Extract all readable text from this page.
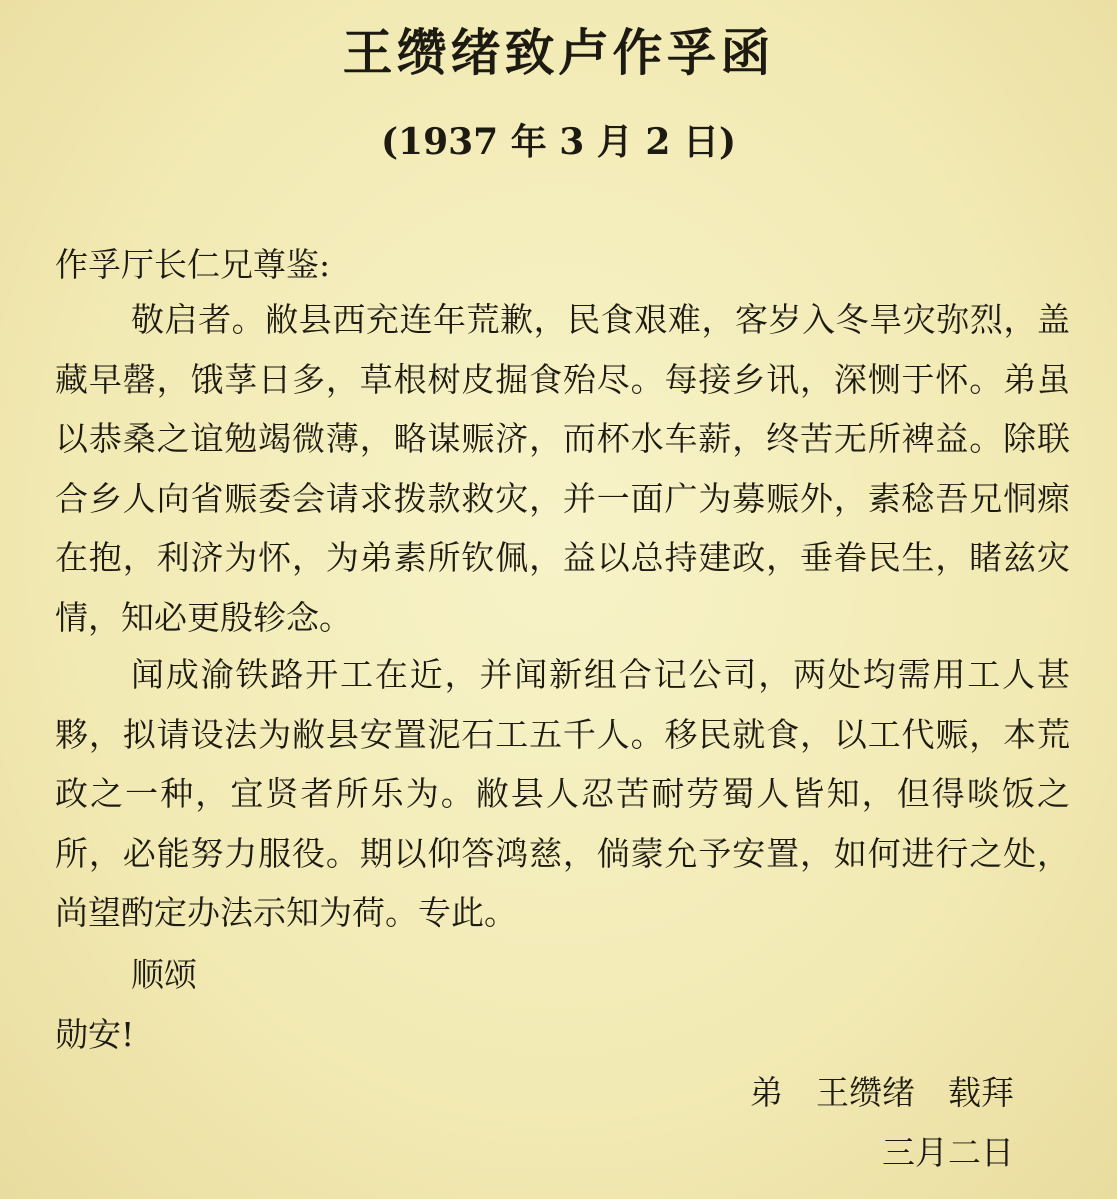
王缵绪致卢作孚函
(1937 年 3 月 2 日)
作孚厅长仁兄尊鉴:

敬启者。敝县西充连年荒歉，民食艰难，客岁入冬旱灾弥烈，盖藏早罄，饿莩日多，草根树皮掘食殆尽。每接乡讯，深恻于怀。弟虽以恭桑之谊勉竭微薄，略谋赈济，而杯水车薪，终苦无所裨益。除联合乡人向省赈委会请求拨款救灾，并一面广为募赈外，素稔吾兄恫瘝在抱，利济为怀，为弟素所钦佩，益以总持建政，垂眷民生，睹兹灾情，知必更殷轸念。

闻成渝铁路开工在近，并闻新组合记公司，两处均需用工人甚夥，拟请设法为敝县安置泥石工五千人。移民就食，以工代赈，本荒政之一种，宜贤者所乐为。敝县人忍苦耐劳蜀人皆知，但得啖饭之所，必能努力服役。期以仰答鸿慈，倘蒙允予安置，如何进行之处，尚望酌定办法示知为荷。专此。

顺颂
勋安!
弟　王缵绪　载拜
三月二日
